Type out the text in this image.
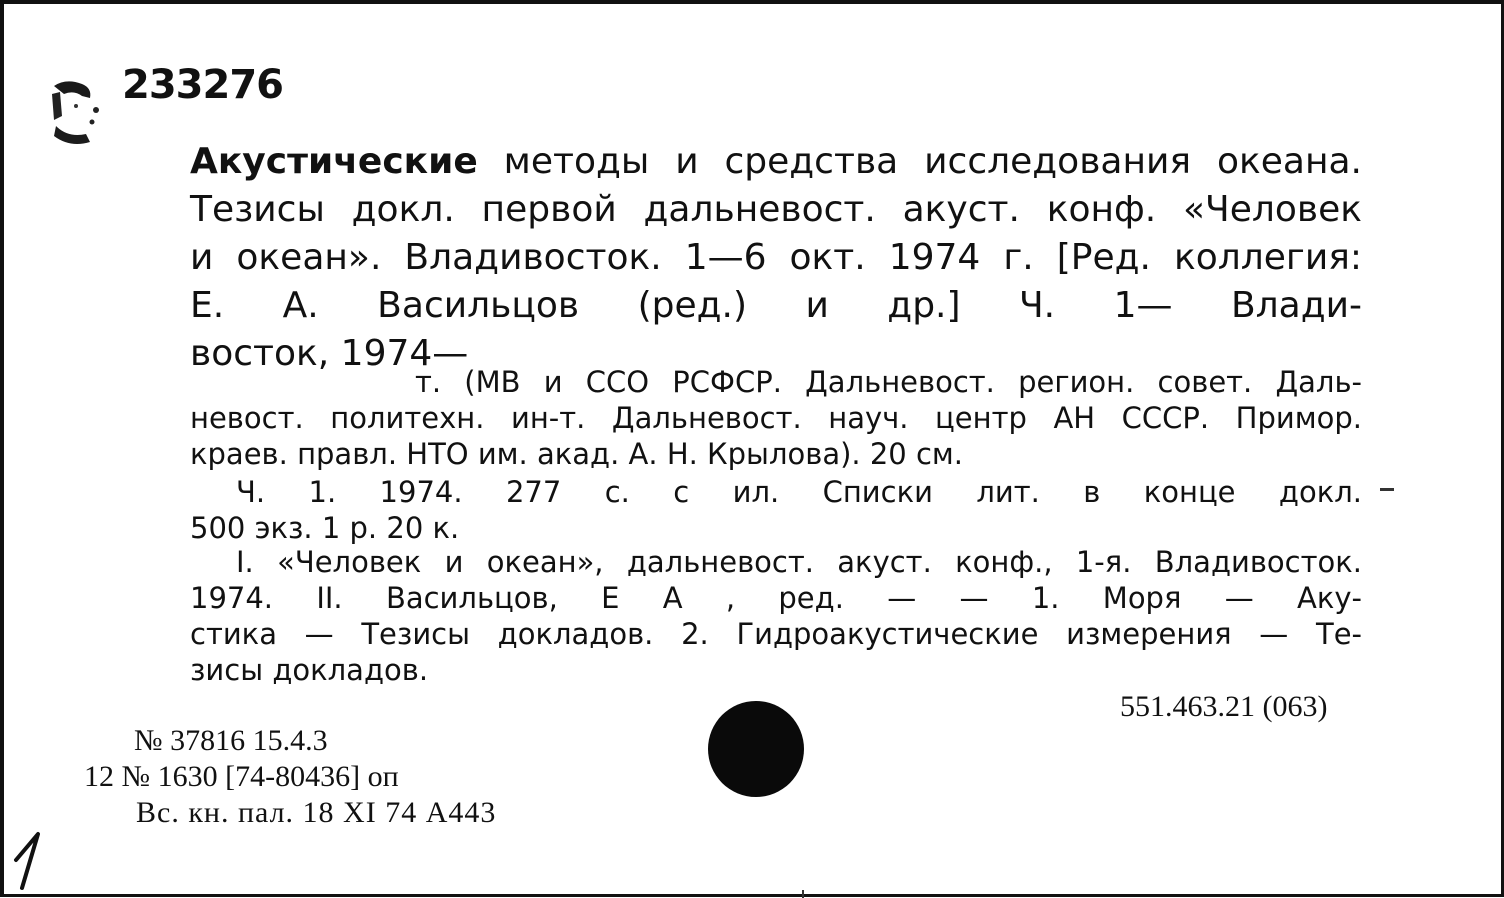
233276
Акустические методы и средства исследования океана.
Тезисы докл. первой дальневост. акуст. конф. «Человек
и океан». Владивосток. 1—6 окт. 1974 г. [Ред. коллегия:
Е. А. Васильцов (ред.) и др.] Ч. 1— Влади-
восток, 1974—
т. (МВ и ССО РСФСР. Дальневост. регион. совет. Даль-
невост. политехн. ин-т. Дальневост. науч. центр АН СССР. Примор.
краев. правл. НТО им. акад. А. Н. Крылова). 20 см.
Ч. 1. 1974. 277 с. с ил. Списки лит. в конце докл.
500 экз. 1 р. 20 к.
I. «Человек и океан», дальневост. акуст. конф., 1-я. Владивосток.
1974. II. Васильцов, Е А , ред. — — 1. Моря — Аку-
стика — Тезисы докладов. 2. Гидроакустические измерения — Те-
зисы докладов.
551.463.21 (063)
№ 37816 15.4.3
12 № 1630 [74-80436] оп
Вс. кн. пал. 18 XI 74 А443
